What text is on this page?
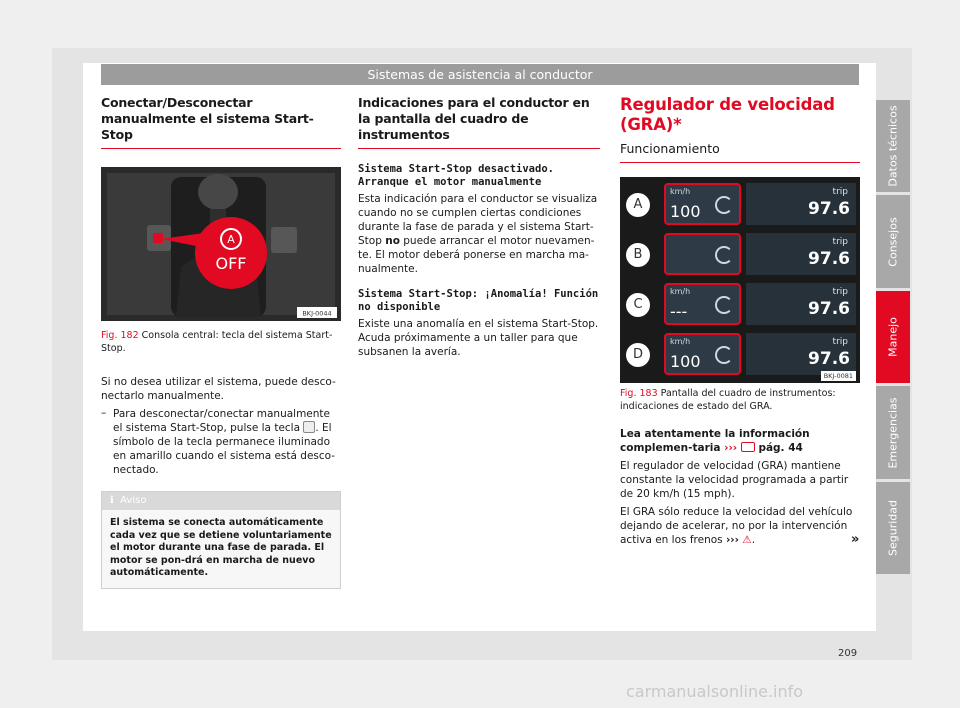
Sistemas de asistencia al conductor
Conectar/Desconectar manualmente el sistema Start-Stop
A
OFF
BKJ-0044
Fig. 182 Consola central: tecla del sistema Start-Stop.

Si no desea utilizar el sistema, puede desco-nectarlo manualmente.

– Para desconectar/conectar manualmente el sistema Start-Stop, pulse la tecla . El símbolo de la tecla permanece iluminado en amarillo cuando el sistema está desco-nectado.

ℹ Aviso
El sistema se conecta automáticamente cada vez que se detiene voluntariamente el motor durante una fase de parada. El motor se pon-drá en marcha de nuevo automáticamente.
Indicaciones para el conductor en la pantalla del cuadro de instrumentos

Sistema Start-Stop desactivado. Arranque el motor manualmente

Esta indicación para el conductor se visualiza cuando no se cumplen ciertas condiciones durante la fase de parada y el sistema Start-Stop no puede arrancar el motor nuevamen-te. El motor deberá ponerse en marcha ma-nualmente.

Sistema Start-Stop: ¡Anomalía! Función no disponible

Existe una anomalía en el sistema Start-Stop. Acuda próximamente a un taller para que subsanen la avería.

Regulador de velocidad (GRA)*
Funcionamiento
A
km/h
100
trip
97.6
B
trip
97.6
C
km/h
---
trip
97.6
D
km/h
100
trip
97.6
BKJ-0081
Fig. 183 Pantalla del cuadro de instrumentos: indicaciones de estado del GRA.

Lea atentamente la información complemen-taria ››› pág. 44

El regulador de velocidad (GRA) mantiene constante la velocidad programada a partir de 20 km/h (15 mph).

El GRA sólo reduce la velocidad del vehículo dejando de acelerar, no por la intervención activa en los frenos ››› ⚠.	»
Datos técnicos
Consejos
Manejo
Emergencias
Seguridad
209
carmanualsonline.info
